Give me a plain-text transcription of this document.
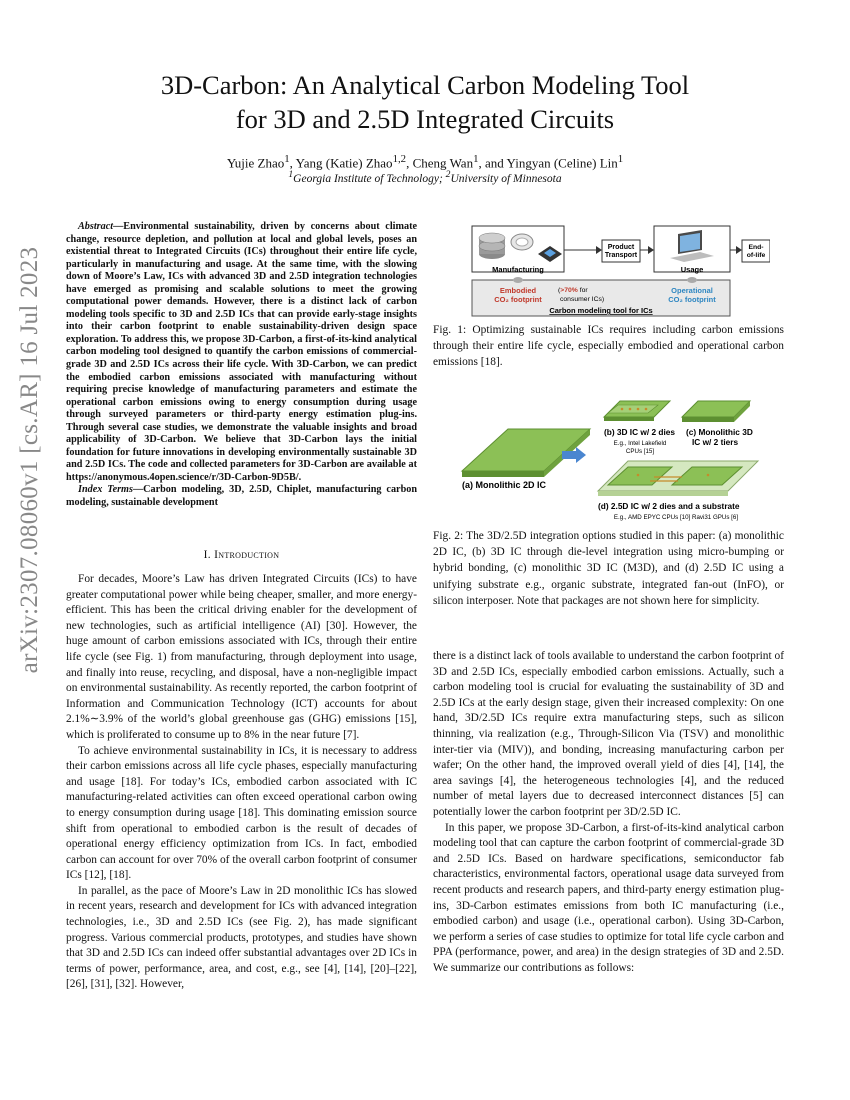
arXiv:2307.08060v1 [cs.AR] 16 Jul 2023
3D-Carbon: An Analytical Carbon Modeling Tool
for 3D and 2.5D Integrated Circuits
Yujie Zhao$^1$, Yang (Katie) Zhao$^{1,2}$, Cheng Wan$^1$, and Yingyan (Celine) Lin$^1$
$^1$Georgia Institute of Technology; $^2$University of Minnesota

Abstract—Environmental sustainability, driven by concerns about climate change, resource depletion, and pollution at local and global levels, poses an existential threat to Integrated Circuits (ICs) throughout their entire life cycle, particularly in manufacturing and usage. At the same time, with the slowing down of Moore’s Law, ICs with advanced 3D and 2.5D integration technologies have emerged as promising and scalable solutions to meet the growing computational power demands. However, there is a distinct lack of carbon modeling tools specific to 3D and 2.5D ICs that can provide early-stage insights into their carbon footprint to enable sustainability-driven design space exploration. To address this, we propose 3D-Carbon, a first-of-its-kind analytical carbon modeling tool designed to quantify the carbon emissions of commercial-grade 3D and 2.5D ICs across their life cycle. With 3D-Carbon, we can predict the embodied carbon emissions associated with manufacturing without requiring precise knowledge of manufacturing parameters and estimate the operational carbon emissions owing to energy consumption during usage through surveyed parameters or third-party energy estimation plug-ins. Through several case studies, we demonstrate the valuable insights and broad applicability of 3D-Carbon. We believe that 3D-Carbon lays the initial foundation for future innovations in developing environmentally sustainable 3D and 2.5D ICs. The code and collected parameters for 3D-Carbon are available at https://anonymous.4open.science/r/3D-Carbon-9D5B/.

Index Terms—Carbon modeling, 3D, 2.5D, Chiplet, manufacturing carbon modeling, sustainable development

I. Introduction

For decades, Moore’s Law has driven Integrated Circuits (ICs) to have greater computational power while being cheaper, smaller, and more energy-efficient. This has been the critical driving enabler for the development of new technologies, such as artificial intelligence (AI) [30]. However, the huge amount of carbon emissions associated with ICs, through their entire life cycle (see Fig. 1) from manufacturing, through deployment into usage, and finally into reuse, recycling, and disposal, have a non-negligible impact on environmental sustainability. As recently reported, the carbon footprint of Information and Communication Technology (ICT) accounts for about 2.1%∼3.9% of the world’s global greenhouse gas (GHG) emissions [15], which is proliferated to consume up to 8% in the near future [7].

To achieve environmental sustainability in ICs, it is necessary to address their carbon emissions across all life cycle phases, especially manufacturing and usage [18]. For today’s ICs, embodied carbon associated with IC manufacturing-related activities can often exceed operational carbon owing to energy consumption during usage [18]. This dominating emission source shift from operational to embodied carbon is the result of decades of operational energy efficiency optimization from ICs. In fact, embodied carbon can account for over 70% of the overall carbon footprint of consumer ICs [12], [18].

In parallel, as the pace of Moore’s Law in 2D monolithic ICs has slowed in recent years, research and development for ICs with advanced integration technologies, i.e., 3D and 2.5D ICs (see Fig. 2), has made significant progress. Various commercial products, prototypes, and studies have shown that 3D and 2.5D ICs can indeed offer substantial advantages over 2D ICs in terms of power, performance, area, and cost, e.g., see [4], [14], [20]–[22], [26], [31], [32]. However,

Manufacturing
Product Transport
Usage
End-of-life
Embodied
CO₂ footprint
(>70% for
consumer ICs)
Operational
CO₂ footprint
Carbon modeling tool for ICs
Fig. 1: Optimizing sustainable ICs requires including carbon emissions through their entire life cycle, especially embodied and operational carbon emissions [18].
(a) Monolithic 2D IC
(b) 3D IC w/ 2 dies
E.g., Intel Lakefield
CPUs [15]
(c) Monolithic 3D
IC w/ 2 tiers
(d) 2.5D IC w/ 2 dies and a substrate
E.g., AMD EPYC CPUs [10] Ravi31 GPUs [6]
Fig. 2: The 3D/2.5D integration options studied in this paper: (a) monolithic 2D IC, (b) 3D IC through die-level integration using micro-bumping or hybrid bonding, (c) monolithic 3D IC (M3D), and (d) 2.5D IC using a unifying substrate e.g., organic substrate, integrated fan-out (InFO), or silicon interposer. Note that packages are not shown here for simplicity.

there is a distinct lack of tools available to understand the carbon footprint of 3D and 2.5D ICs, especially embodied carbon emissions. Actually, such a carbon modeling tool is crucial for evaluating the sustainability of 3D and 2.5D ICs at the early design stage, given their increased complexity: On one hand, 3D/2.5D ICs require extra manufacturing steps, such as silicon thinning, via realization (e.g., Through-Silicon Via (TSV) and monolithic inter-tier via (MIV)), and bonding, increasing manufacturing carbon per wafer; On the other hand, the improved overall yield of dies [4], [14], the area savings [4], the heterogeneous technologies [4], and the reduced number of metal layers due to decreased interconnect distances [5] can potentially lower the carbon footprint per 3D/2.5D IC.

In this paper, we propose 3D-Carbon, a first-of-its-kind analytical carbon modeling tool that can capture the carbon footprint of commercial-grade 3D and 2.5D ICs. Based on hardware specifications, semiconductor fab characteristics, environmental factors, operational usage data surveyed from recent products and research papers, and third-party energy estimation plug-ins, 3D-Carbon estimates emissions from both IC manufacturing (i.e., embodied carbon) and usage (i.e., operational carbon). Using 3D-Carbon, we perform a series of case studies to optimize for total life cycle carbon and PPA (performance, power, and area) in the design strategies of 3D and 2.5D. We summarize our contributions as follows:
